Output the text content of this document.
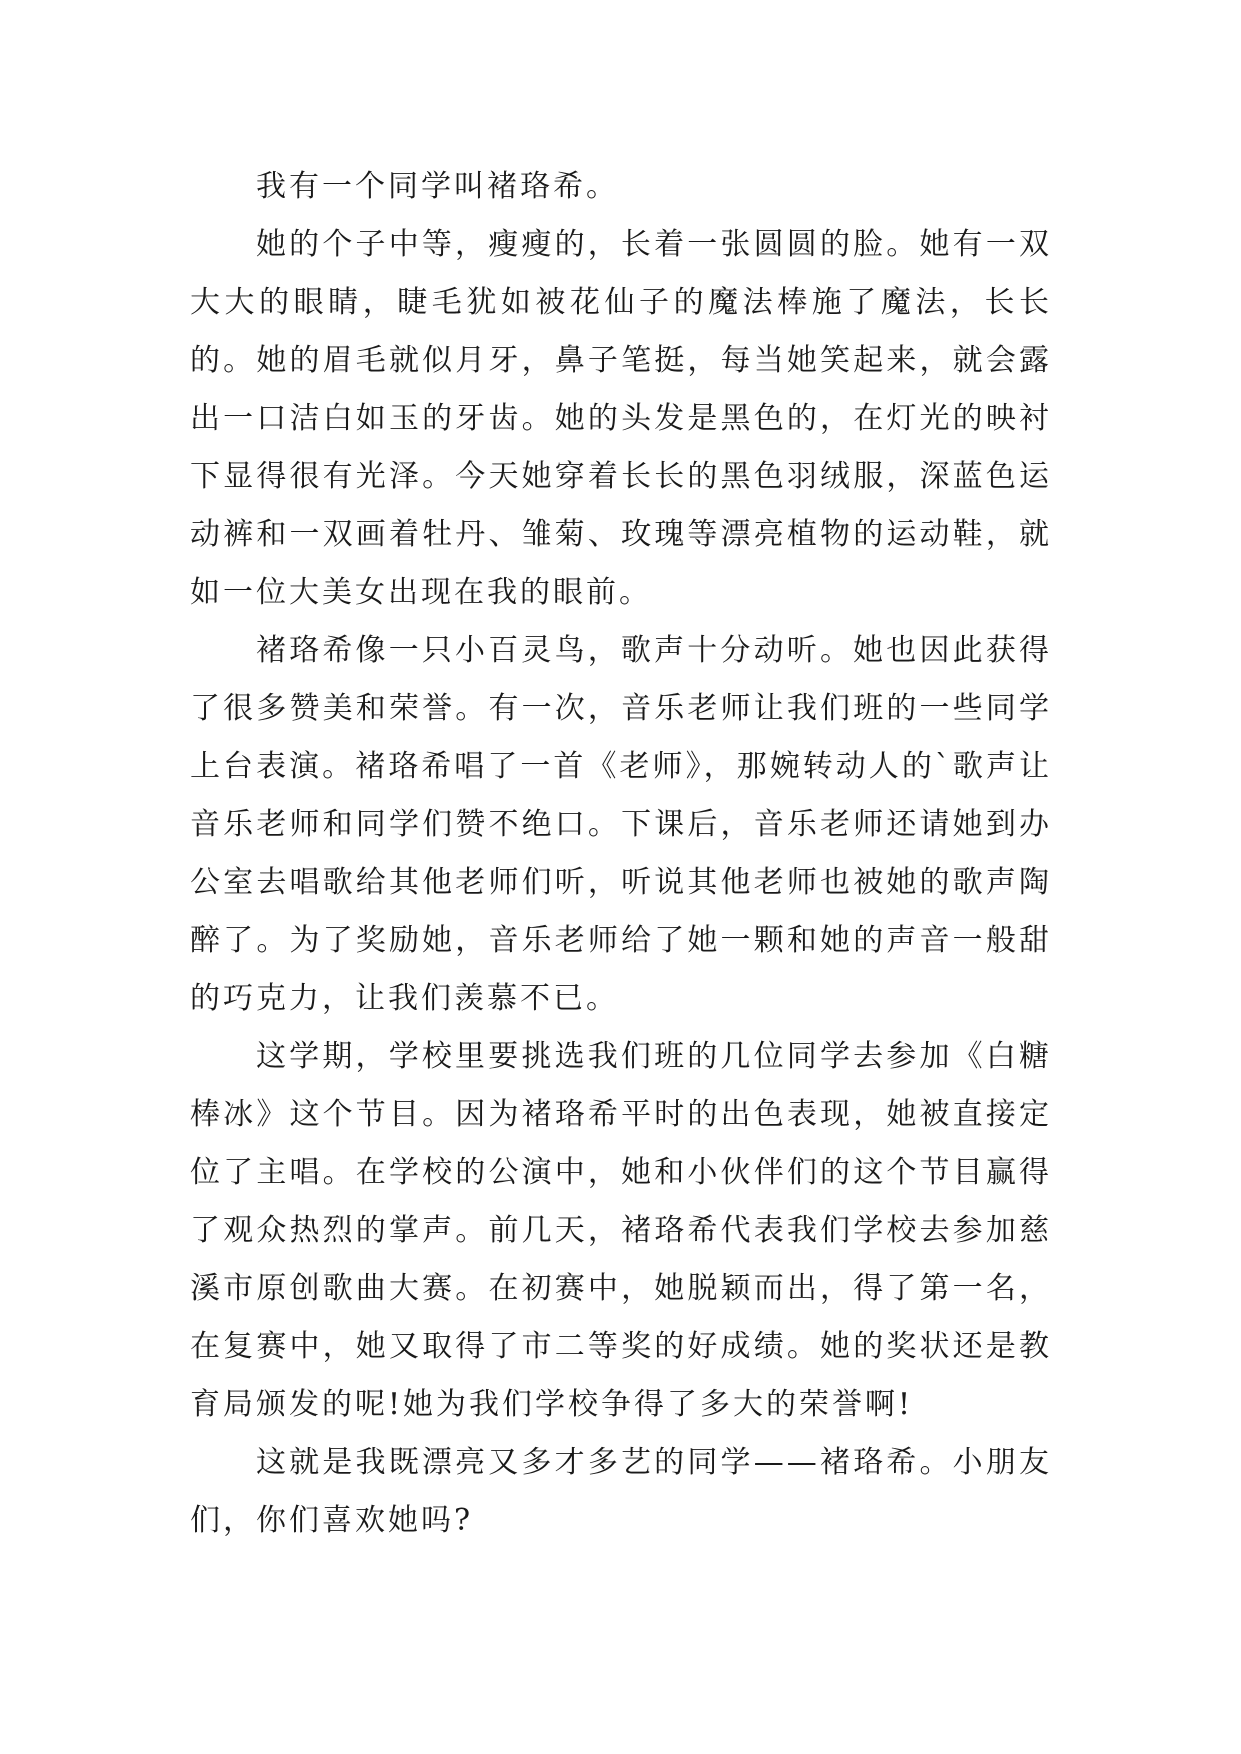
我有一个同学叫褚珞希。

她的个子中等，瘦瘦的，长着一张圆圆的脸。她有一双大大的眼睛，睫毛犹如被花仙子的魔法棒施了魔法，长长的。她的眉毛就似月牙，鼻子笔挺，每当她笑起来，就会露出一口洁白如玉的牙齿。她的头发是黑色的，在灯光的映衬下显得很有光泽。今天她穿着长长的黑色羽绒服，深蓝色运动裤和一双画着牡丹、雏菊、玫瑰等漂亮植物的运动鞋，就如一位大美女出现在我的眼前。

褚珞希像一只小百灵鸟，歌声十分动听。她也因此获得了很多赞美和荣誉。有一次，音乐老师让我们班的一些同学上台表演。褚珞希唱了一首《老师》，那婉转动人的`歌声让音乐老师和同学们赞不绝口。下课后，音乐老师还请她到办公室去唱歌给其他老师们听，听说其他老师也被她的歌声陶醉了。为了奖励她，音乐老师给了她一颗和她的声音一般甜的巧克力，让我们羡慕不已。

这学期，学校里要挑选我们班的几位同学去参加《白糖棒冰》这个节目。因为褚珞希平时的出色表现，她被直接定位了主唱。在学校的公演中，她和小伙伴们的这个节目赢得了观众热烈的掌声。前几天，褚珞希代表我们学校去参加慈溪市原创歌曲大赛。在初赛中，她脱颖而出，得了第一名，在复赛中，她又取得了市二等奖的好成绩。她的奖状还是教育局颁发的呢!她为我们学校争得了多大的荣誉啊!

这就是我既漂亮又多才多艺的同学——褚珞希。小朋友们，你们喜欢她吗?
